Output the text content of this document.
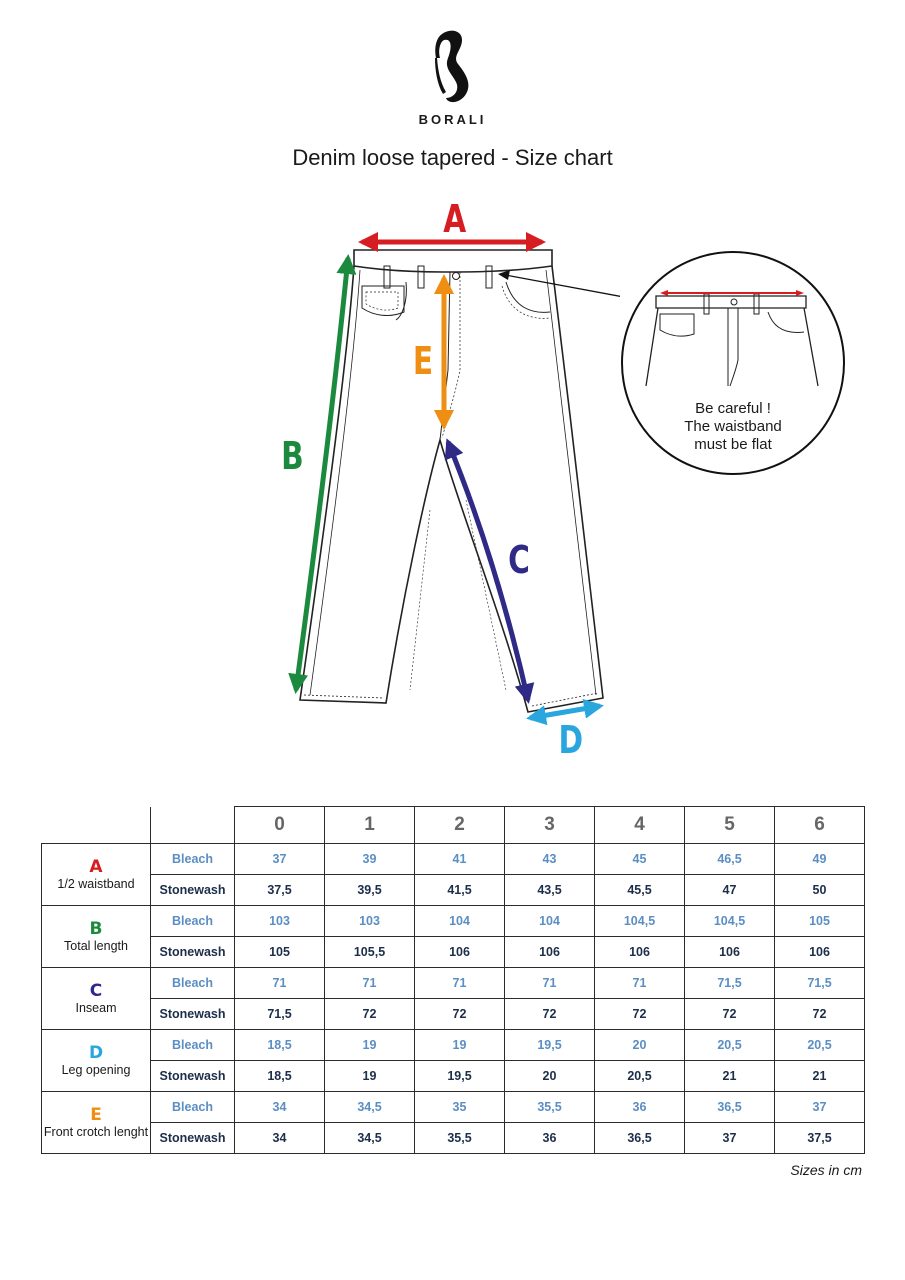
BORALI
Denim loose tapered - Size chart
A
B
C
D
E
Be careful !
The waistband
must be flat
		0	1	2	3	4	5	6

A
1/2 waistband	Bleach	37	39	41	43	45	46,5	49
	Stonewash	37,5	39,5	41,5	43,5	45,5	47	50

B
Total length	Bleach	103	103	104	104	104,5	104,5	105
	Stonewash	105	105,5	106	106	106	106	106

C
Inseam	Bleach	71	71	71	71	71	71,5	71,5
	Stonewash	71,5	72	72	72	72	72	72

D
Leg opening	Bleach	18,5	19	19	19,5	20	20,5	20,5
	Stonewash	18,5	19	19,5	20	20,5	21	21

E
Front crotch lenght	Bleach	34	34,5	35	35,5	36	36,5	37
	Stonewash	34	34,5	35,5	36	36,5	37	37,5
Sizes in cm
